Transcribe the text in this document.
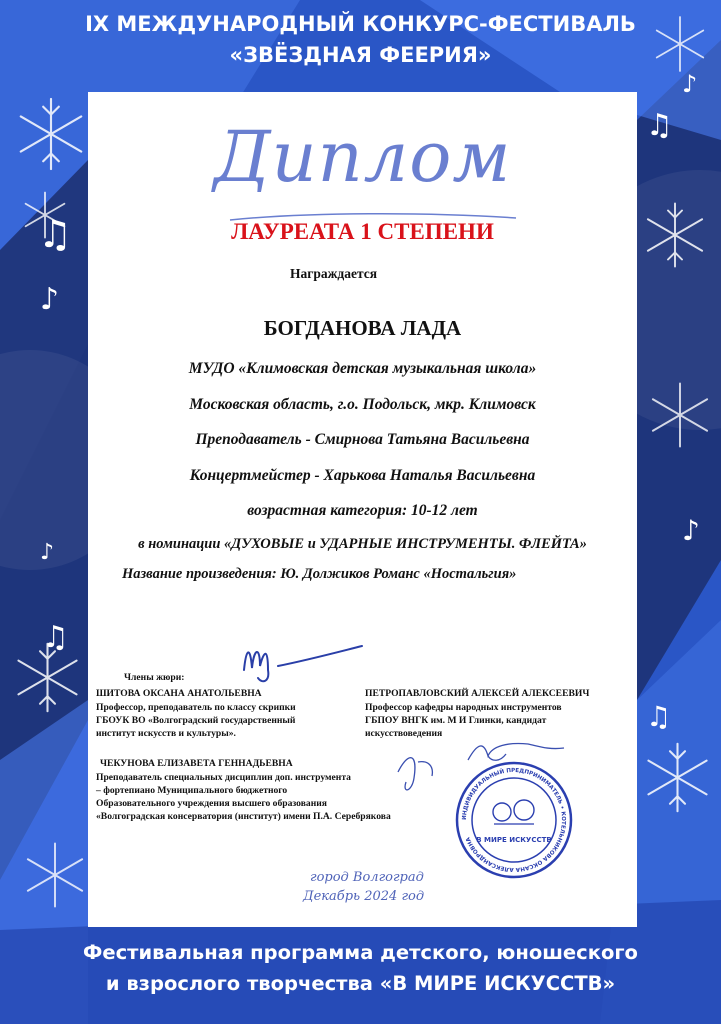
♫
♪
♫
♪
♪
♫
♫
♪
IX МЕЖДУНАРОДНЫЙ КОНКУРС-ФЕСТИВАЛЬ
«ЗВЁЗДНАЯ ФЕЕРИЯ»
Диплом
ЛАУРЕАТА 1 СТЕПЕНИ
Награждается
БОГДАНОВА ЛАДА
МУДО «Климовская детская музыкальная школа»
Московская область, г.о. Подольск, мкр. Климовск
Преподаватель - Смирнова Татьяна Васильевна
Концертмейстер - Харькова Наталья Васильевна
возрастная категория: 10-12 лет
в номинации «ДУХОВЫЕ и УДАРНЫЕ ИНСТРУМЕНТЫ. ФЛЕЙТА»
Название произведения: Ю. Должиков Романс «Ностальгия»
Члены жюри:
ШИТОВА ОКСАНА АНАТОЛЬЕВНА
Профессор, преподаватель по классу скрипки
ГБОУК ВО «Волгоградский государственный
институт искусств и культуры».
ПЕТРОПАВЛОВСКИЙ АЛЕКСЕЙ АЛЕКСЕЕВИЧ
Профессор кафедры народных инструментов
ГБПОУ ВНГК им. М И Глинки, кандидат
искусствоведения
ЧЕКУНОВА ЕЛИЗАВЕТА ГЕННАДЬЕВНА
Преподаватель специальных дисциплин доп. инструмента
– фортепиано Муниципального бюджетного
Образовательного учреждения высшего образования
«Волгоградская консерватория (институт) имени П.А. Серебрякова	ИНДИВИДУАЛЬНЫЙ ПРЕДПРИНИМАТЕЛЬ • КОТЕЛЬНИКОВА ОКСАНА АЛЕКСАНДРОВНА В МИРЕ ИСКУССТВ
город Волгоград
Декабрь 2024 год
Фестивальная программа детского, юношеского
и взрослого творчества «В МИРЕ ИСКУССТВ»
